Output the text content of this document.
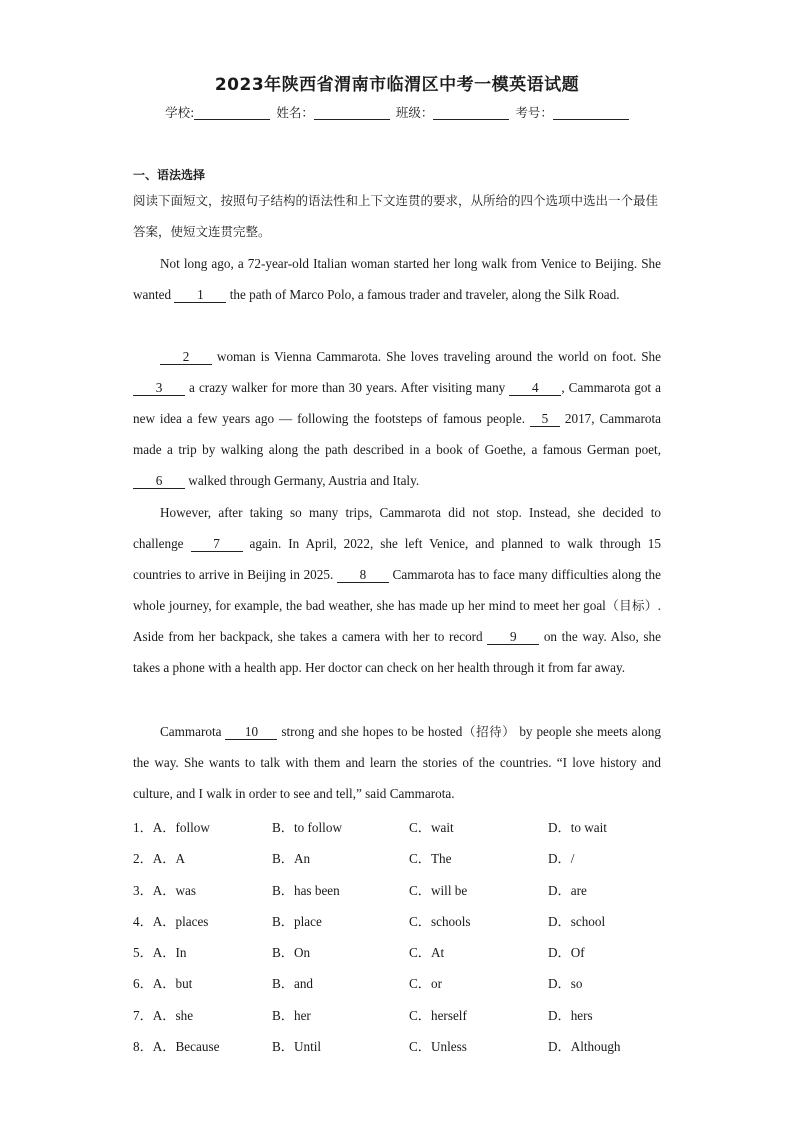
2023年陕西省渭南市临渭区中考一模英语试题
学校:	姓名：	班级：	考号：
一、语法选择
阅读下面短文，按照句子结构的语法性和上下文连贯的要求，从所给的四个选项中选出一个最佳答案，使短文连贯完整。
Not long ago, a 72-year-old Italian woman started her long walk from Venice to Beijing. She wanted 1 the path of Marco Polo, a famous trader and traveler, along the Silk Road.
2 woman is Vienna Cammarota. She loves traveling around the world on foot. She 3 a crazy walker for more than 30 years. After visiting many 4 , Cammarota got a new idea a few years ago — following the footsteps of famous people. 5 2017, Cammarota made a trip by walking along the path described in a book of Goethe, a famous German poet, 6 walked through Germany, Austria and Italy.
However, after taking so many trips, Cammarota did not stop. Instead, she decided to challenge 7 again. In April, 2022, she left Venice, and planned to walk through 15 countries to arrive in Beijing in 2025. 8 Cammarota has to face many difficulties along the whole journey, for example, the bad weather, she has made up her mind to meet her goal（目标）. Aside from her backpack, she takes a camera with her to record 9 on the way. Also, she takes a phone with a health app. Her doctor can check on her health through it from far away.
Cammarota 10 strong and she hopes to be hosted（招待） by people she meets along the way. She wants to talk with them and learn the stories of the countries. “I love history and culture, and I walk in order to see and tell,” said Cammarota.
1．A．follow	B．to follow	C．wait	D．to wait
2．A．A	B．An	C．The	D．/
3．A．was	B．has been	C．will be	D．are
4．A．places	B．place	C．schools	D．school
5．A．In	B．On	C．At	D．Of
6．A．but	B．and	C．or	D．so
7．A．she	B．her	C．herself	D．hers
8．A．Because	B．Until	C．Unless	D．Although
